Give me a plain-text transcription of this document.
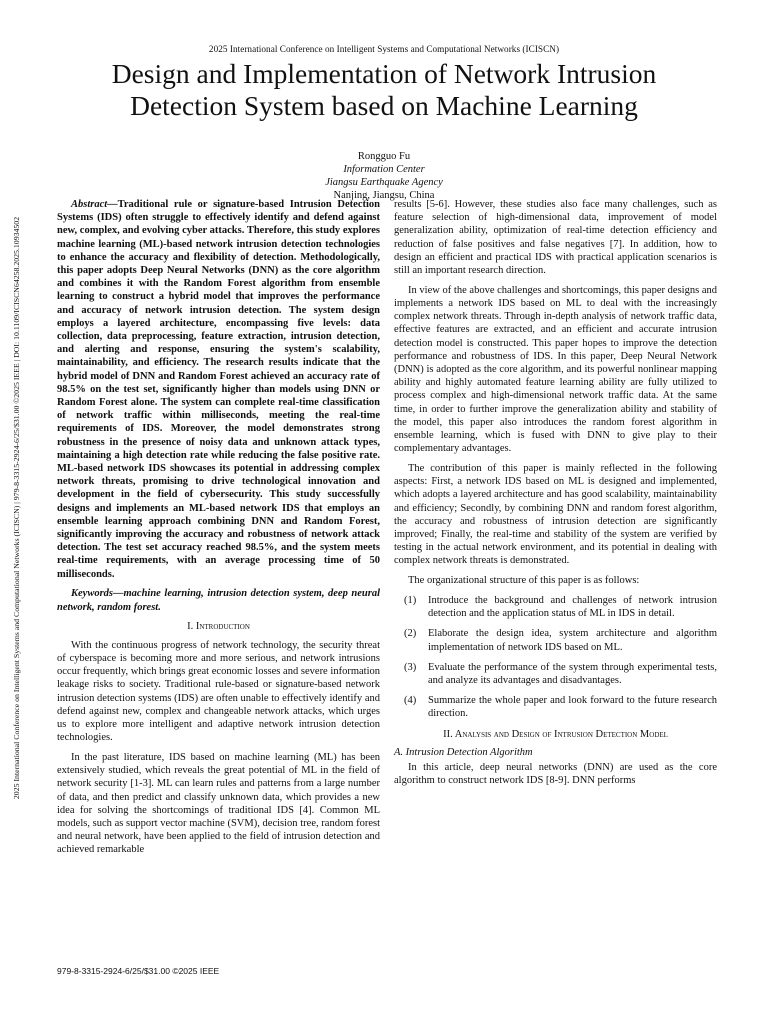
2025 International Conference on Intelligent Systems and Computational Networks (ICISCN)
Design and Implementation of Network Intrusion
Detection System based on Machine Learning
Rongguo Fu
Information Center
Jiangsu Earthquake Agency
Nanjing, Jiangsu, China
2025 International Conference on Intelligent Systems and Computational Networks (ICISCN) | 979-8-3315-2924-6/25/$31.00 ©2025 IEEE | DOI: 10.1109/ICISCN64258.2025.10934502

Abstract—Traditional rule or signature-based Intrusion Detection Systems (IDS) often struggle to effectively identify and defend against new, complex, and evolving cyber attacks. Therefore, this study explores machine learning (ML)-based network intrusion detection technologies to enhance the accuracy and flexibility of detection. Methodologically, this paper adopts Deep Neural Networks (DNN) as the core algorithm and combines it with the Random Forest algorithm from ensemble learning to construct a hybrid model that improves the performance and accuracy of network intrusion detection. The system design employs a layered architecture, encompassing five levels: data collection, data preprocessing, feature extraction, intrusion detection, and alerting and response, ensuring the system's scalability, maintainability, and efficiency. The research results indicate that the hybrid model of DNN and Random Forest achieved an accuracy rate of 98.5% on the test set, significantly higher than models using DNN or Random Forest alone. The system can complete real-time classification of network traffic within milliseconds, meeting the real-time requirements of IDS. Moreover, the model demonstrates strong robustness in the presence of noisy data and unknown attack types, maintaining a high detection rate while reducing the false positive rate. ML-based network IDS showcases its potential in addressing complex network threats, promising to drive technological innovation and development in the field of cybersecurity. This study successfully designs and implements an ML-based network IDS that employs an ensemble learning approach combining DNN and Random Forest, significantly improving the accuracy and robustness of network attack detection. The test set accuracy reached 98.5%, and the system meets real-time requirements, with an average processing time of 50 milliseconds.

Keywords—machine learning, intrusion detection system, deep neural network, random forest.

I. Introduction

With the continuous progress of network technology, the security threat of cyberspace is becoming more and more serious, and network intrusions occur frequently, which brings great economic losses and severe information leakage risks to society. Traditional rule-based or signature-based network intrusion detection systems (IDS) are often unable to effectively identify and defend against new, complex and changeable network attacks, which urges us to explore more intelligent and adaptive network intrusion detection technologies.

In the past literature, IDS based on machine learning (ML) has been extensively studied, which reveals the great potential of ML in the field of network security [1-3]. ML can learn rules and patterns from a large number of data, and then predict and classify unknown data, which provides a new idea for solving the shortcomings of traditional IDS [4]. Common ML models, such as support vector machine (SVM), decision tree, random forest and neural network, have been applied to the field of intrusion detection and achieved remarkable

results [5-6]. However, these studies also face many challenges, such as feature selection of high-dimensional data, improvement of model generalization ability, optimization of real-time detection efficiency and reduction of false positives and false negatives [7]. In addition, how to design an efficient and practical IDS with practical application scenarios is still an important research direction.

In view of the above challenges and shortcomings, this paper designs and implements a network IDS based on ML to deal with the increasingly complex network threats. Through in-depth analysis of network traffic data, effective features are extracted, and an efficient and accurate intrusion detection model is constructed. This paper hopes to improve the detection performance and robustness of IDS. In this paper, Deep Neural Network (DNN) is adopted as the core algorithm, and its powerful nonlinear mapping ability and highly automated feature learning ability are fully utilized to process complex and high-dimensional network traffic data. At the same time, in order to further improve the generalization ability and stability of the model, this paper also introduces the random forest algorithm in ensemble learning, which is fused with DNN to give play to their complementary advantages.

The contribution of this paper is mainly reflected in the following aspects: First, a network IDS based on ML is designed and implemented, which adopts a layered architecture and has good scalability, maintainability and efficiency; Secondly, by combining DNN and random forest algorithm, the accuracy and robustness of intrusion detection are significantly improved; Finally, the real-time and stability of the system are verified by testing in the actual network environment, and its potential in dealing with complex network threats is demonstrated.

The organizational structure of this paper is as follows:

(1)	Introduce the background and challenges of network intrusion detection and the application status of ML in IDS in detail.
(2)	Elaborate the design idea, system architecture and algorithm implementation of network IDS based on ML.
(3)	Evaluate the performance of the system through experimental tests, and analyze its advantages and disadvantages.
(4)	Summarize the whole paper and look forward to the future research direction.
II. Analysis and Design of Intrusion Detection Model
A. Intrusion Detection Algorithm

In this article, deep neural networks (DNN) are used as the core algorithm to construct network IDS [8-9]. DNN performs

979-8-3315-2924-6/25/$31.00 ©2025 IEEE
